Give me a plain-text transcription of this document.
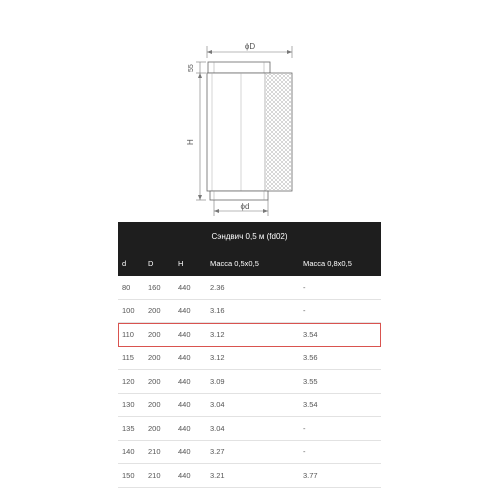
ϕD
55
H
ϕd
Сэндвич 0,5 м (fd02)
d	D	H	Масса 0,5x0,5	Масса 0,8x0,5
80	160	440	2.36	-
100	200	440	3.16	-
110	200	440	3.12	3.54
115	200	440	3.12	3.56
120	200	440	3.09	3.55
130	200	440	3.04	3.54
135	200	440	3.04	-
140	210	440	3.27	-
150	210	440	3.21	3.77
